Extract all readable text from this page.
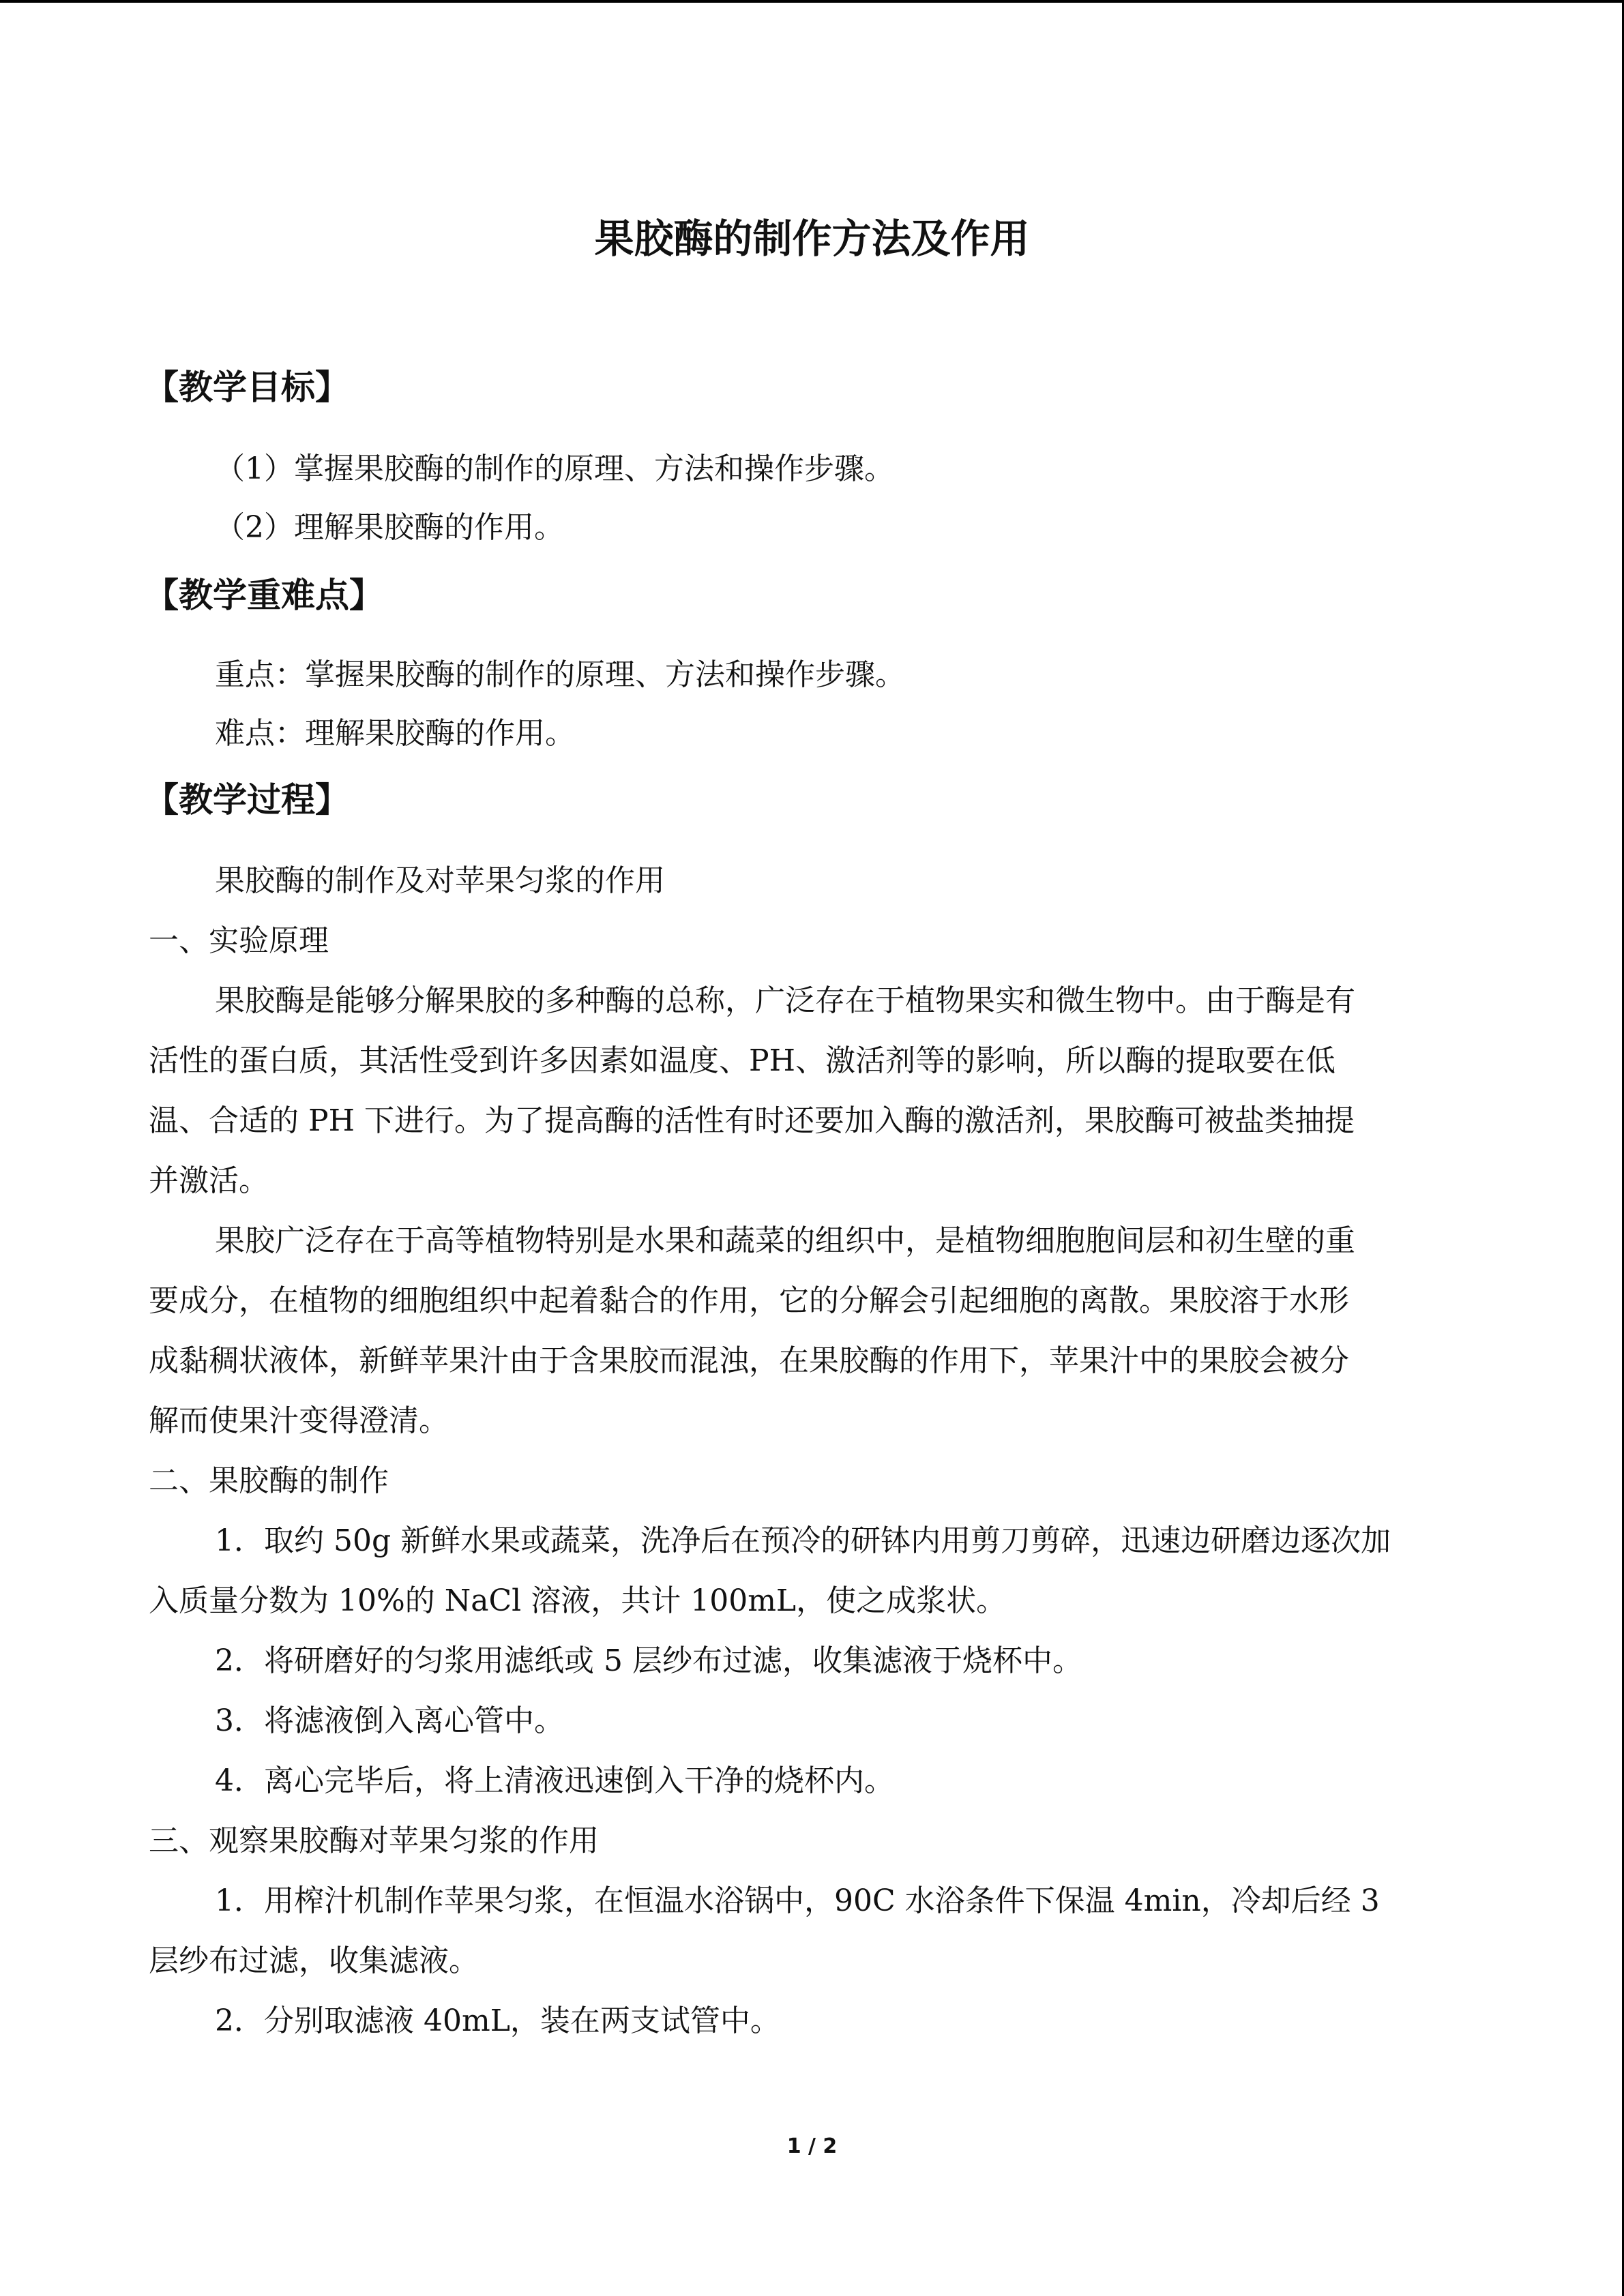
果胶酶的制作方法及作用
【教学目标】
（1）掌握果胶酶的制作的原理、方法和操作步骤。
（2）理解果胶酶的作用。
【教学重难点】
重点：掌握果胶酶的制作的原理、方法和操作步骤。
难点：理解果胶酶的作用。
【教学过程】
果胶酶的制作及对苹果匀浆的作用
一、实验原理
果胶酶是能够分解果胶的多种酶的总称，广泛存在于植物果实和微生物中。由于酶是有
活性的蛋白质，其活性受到许多因素如温度、PH、激活剂等的影响，所以酶的提取要在低
温、合适的 PH 下进行。为了提高酶的活性有时还要加入酶的激活剂，果胶酶可被盐类抽提
并激活。
果胶广泛存在于高等植物特别是水果和蔬菜的组织中，是植物细胞胞间层和初生壁的重
要成分，在植物的细胞组织中起着黏合的作用，它的分解会引起细胞的离散。果胶溶于水形
成黏稠状液体，新鲜苹果汁由于含果胶而混浊，在果胶酶的作用下，苹果汁中的果胶会被分
解而使果汁变得澄清。
二、果胶酶的制作
1．取约 50g 新鲜水果或蔬菜，洗净后在预冷的研钵内用剪刀剪碎，迅速边研磨边逐次加
入质量分数为 10%的 NaCl 溶液，共计 100mL，使之成浆状。
2．将研磨好的匀浆用滤纸或 5 层纱布过滤，收集滤液于烧杯中。
3．将滤液倒入离心管中。
4．离心完毕后，将上清液迅速倒入干净的烧杯内。
三、观察果胶酶对苹果匀浆的作用
1．用榨汁机制作苹果匀浆，在恒温水浴锅中，90C 水浴条件下保温 4min，冷却后经 3
层纱布过滤，收集滤液。
2．分别取滤液 40mL，装在两支试管中。
1 / 2
